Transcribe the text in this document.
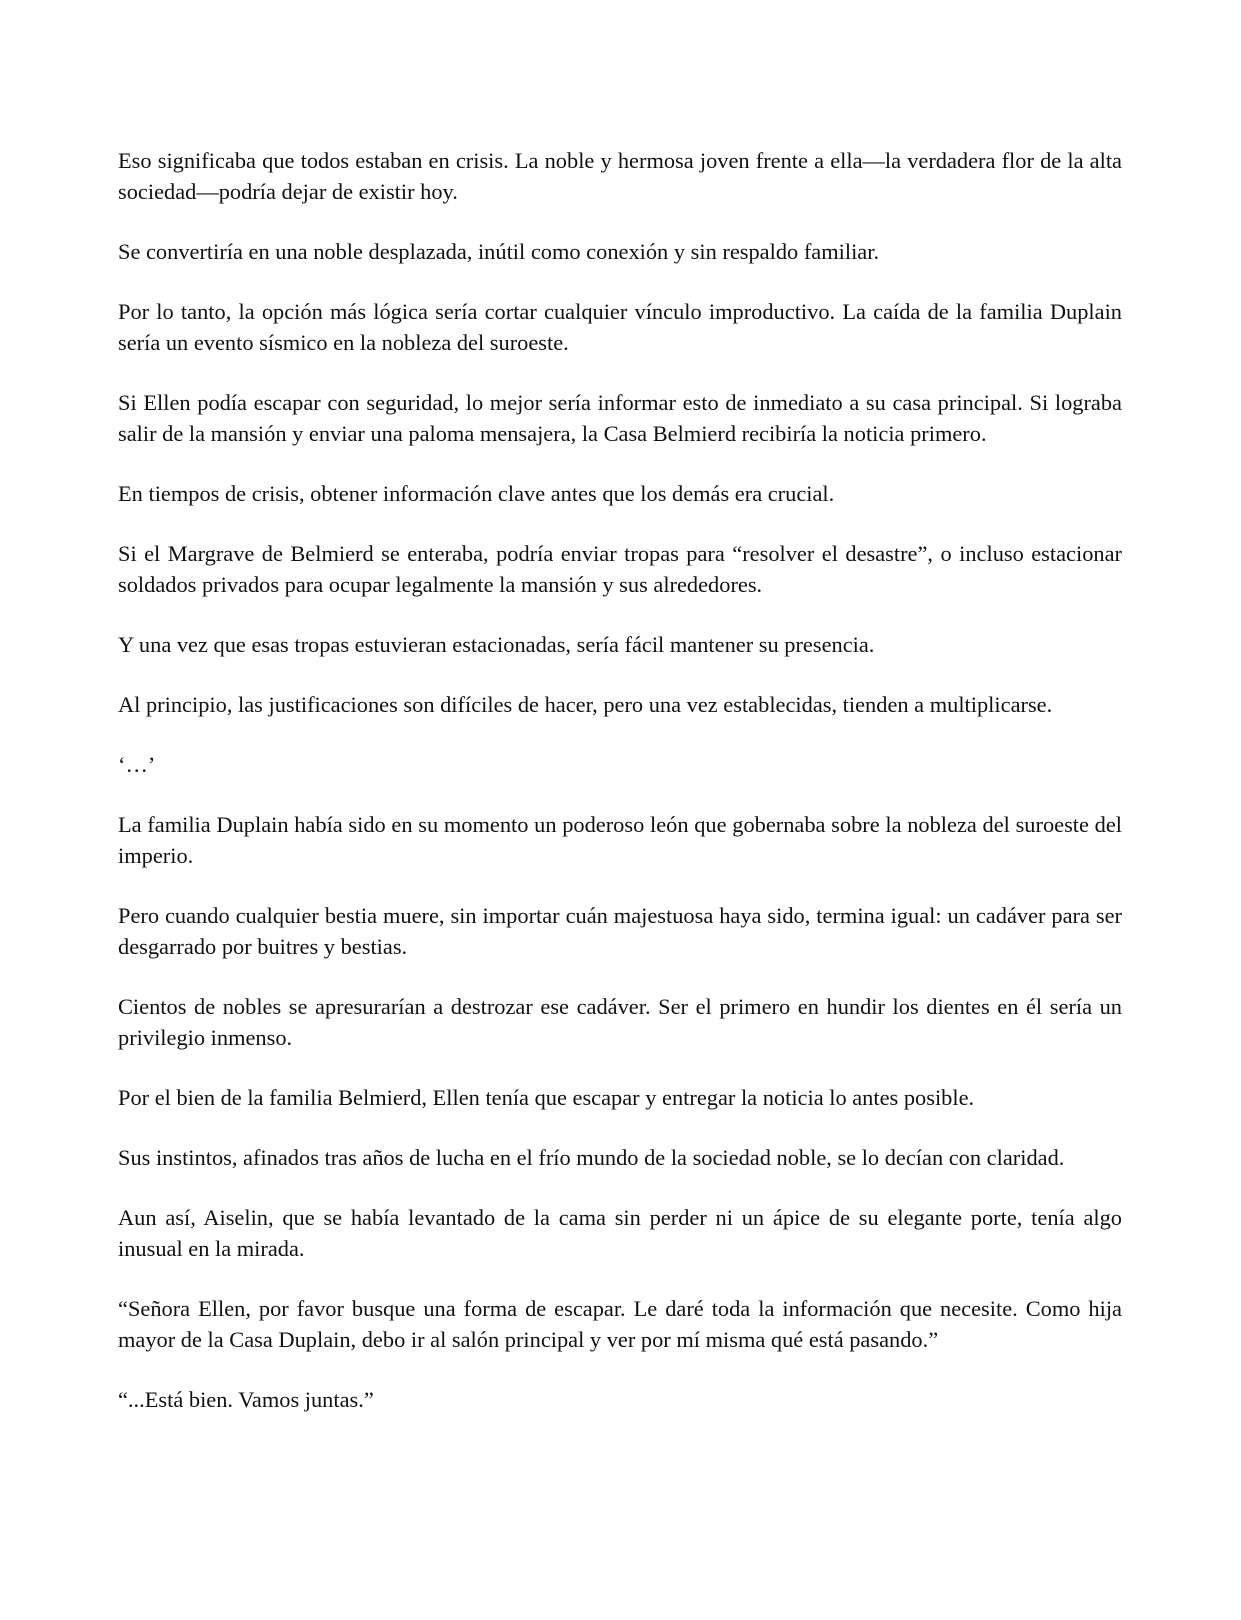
Eso significaba que todos estaban en crisis. La noble y hermosa joven frente a ella—la verdadera flor de la alta sociedad—podría dejar de existir hoy.

Se convertiría en una noble desplazada, inútil como conexión y sin respaldo familiar.

Por lo tanto, la opción más lógica sería cortar cualquier vínculo improductivo. La caída de la familia Duplain sería un evento sísmico en la nobleza del suroeste.

Si Ellen podía escapar con seguridad, lo mejor sería informar esto de inmediato a su casa principal. Si lograba salir de la mansión y enviar una paloma mensajera, la Casa Belmierd recibiría la noticia primero.

En tiempos de crisis, obtener información clave antes que los demás era crucial.

Si el Margrave de Belmierd se enteraba, podría enviar tropas para “resolver el desastre”, o incluso estacionar soldados privados para ocupar legalmente la mansión y sus alrededores.

Y una vez que esas tropas estuvieran estacionadas, sería fácil mantener su presencia.

Al principio, las justificaciones son difíciles de hacer, pero una vez establecidas, tienden a multiplicarse.

‘…’

La familia Duplain había sido en su momento un poderoso león que gobernaba sobre la nobleza del suroeste del imperio.

Pero cuando cualquier bestia muere, sin importar cuán majestuosa haya sido, termina igual: un cadáver para ser desgarrado por buitres y bestias.

Cientos de nobles se apresurarían a destrozar ese cadáver. Ser el primero en hundir los dientes en él sería un privilegio inmenso.

Por el bien de la familia Belmierd, Ellen tenía que escapar y entregar la noticia lo antes posible.

Sus instintos, afinados tras años de lucha en el frío mundo de la sociedad noble, se lo decían con claridad.

Aun así, Aiselin, que se había levantado de la cama sin perder ni un ápice de su elegante porte, tenía algo inusual en la mirada.

“Señora Ellen, por favor busque una forma de escapar. Le daré toda la información que necesite. Como hija mayor de la Casa Duplain, debo ir al salón principal y ver por mí misma qué está pasando.”

“...Está bien. Vamos juntas.”
